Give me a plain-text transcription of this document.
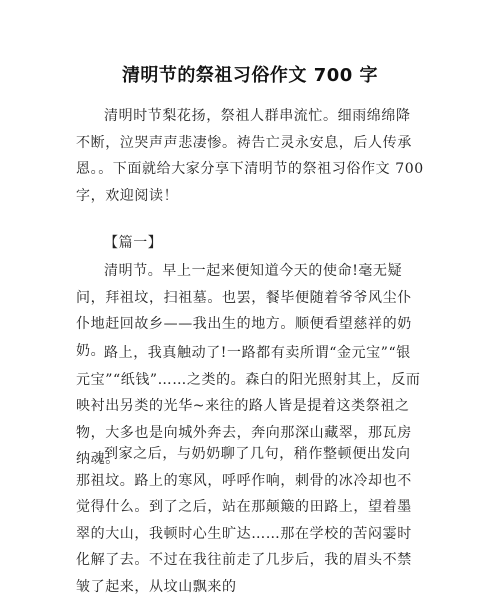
清明节的祭祖习俗作文 700 字

清明时节梨花扬，祭祖人群串流忙。细雨绵绵降不断，泣哭声声悲凄惨。祷告亡灵永安息，后人传承恩。。下面就给大家分享下清明节的祭祖习俗作文 700 字，欢迎阅读！

【篇一】

清明节。早上一起来便知道今天的使命!毫无疑问，拜祖坟，扫祖墓。也罢，餐毕便随着爷爷风尘仆仆地赶回故乡——我出生的地方。顺便看望慈祥的奶奶。

路上，我真触动了!一路都有卖所谓“金元宝”“银元宝”“纸钱”……之类的。森白的阳光照射其上，反而映衬出另类的光华~来往的路人皆是提着这类祭祖之物，大多也是向城外奔去，奔向那深山藏翠，那瓦房纳魂。

到家之后，与奶奶聊了几句，稍作整顿便出发向那祖坟。路上的寒风，呼呼作响，刺骨的冰冷却也不觉得什么。到了之后，站在那颠簸的田路上，望着墨翠的大山，我顿时心生旷达……那在学校的苦闷霎时化解了去。不过在我往前走了几步后，我的眉头不禁皱了起来，从坟山飘来的
